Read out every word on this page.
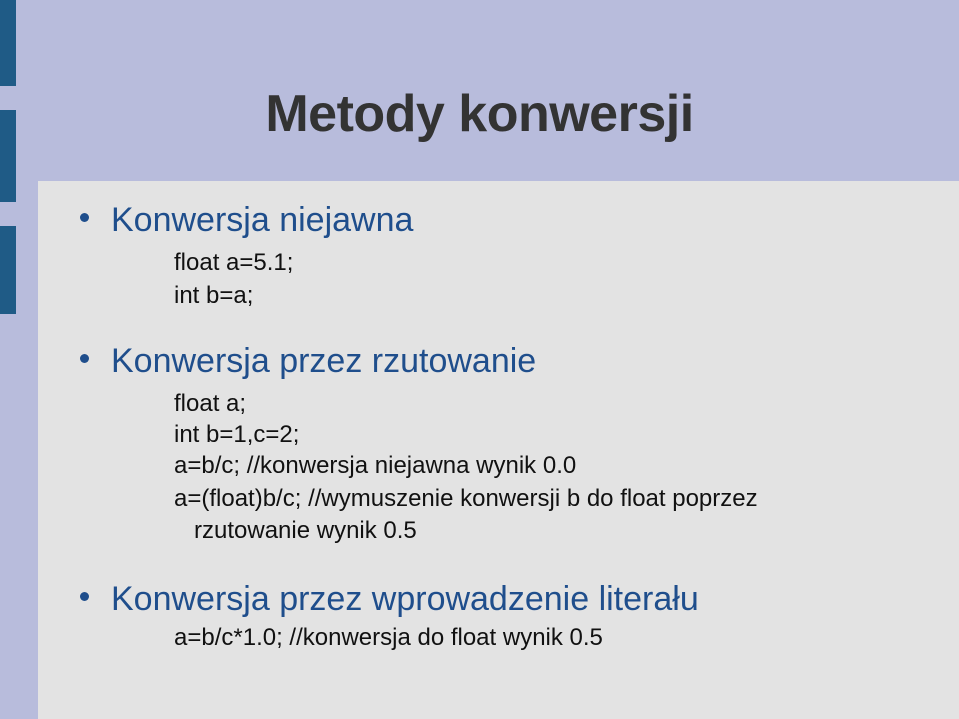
Metody konwersji
Konwersja niejawna
float a=5.1;
int b=a;
Konwersja przez rzutowanie
float a;
int b=1,c=2;
a=b/c; //konwersja niejawna wynik 0.0
a=(float)b/c; //wymuszenie konwersji b do float poprzez
rzutowanie wynik 0.5
Konwersja przez wprowadzenie literału
a=b/c*1.0; //konwersja do float wynik 0.5
